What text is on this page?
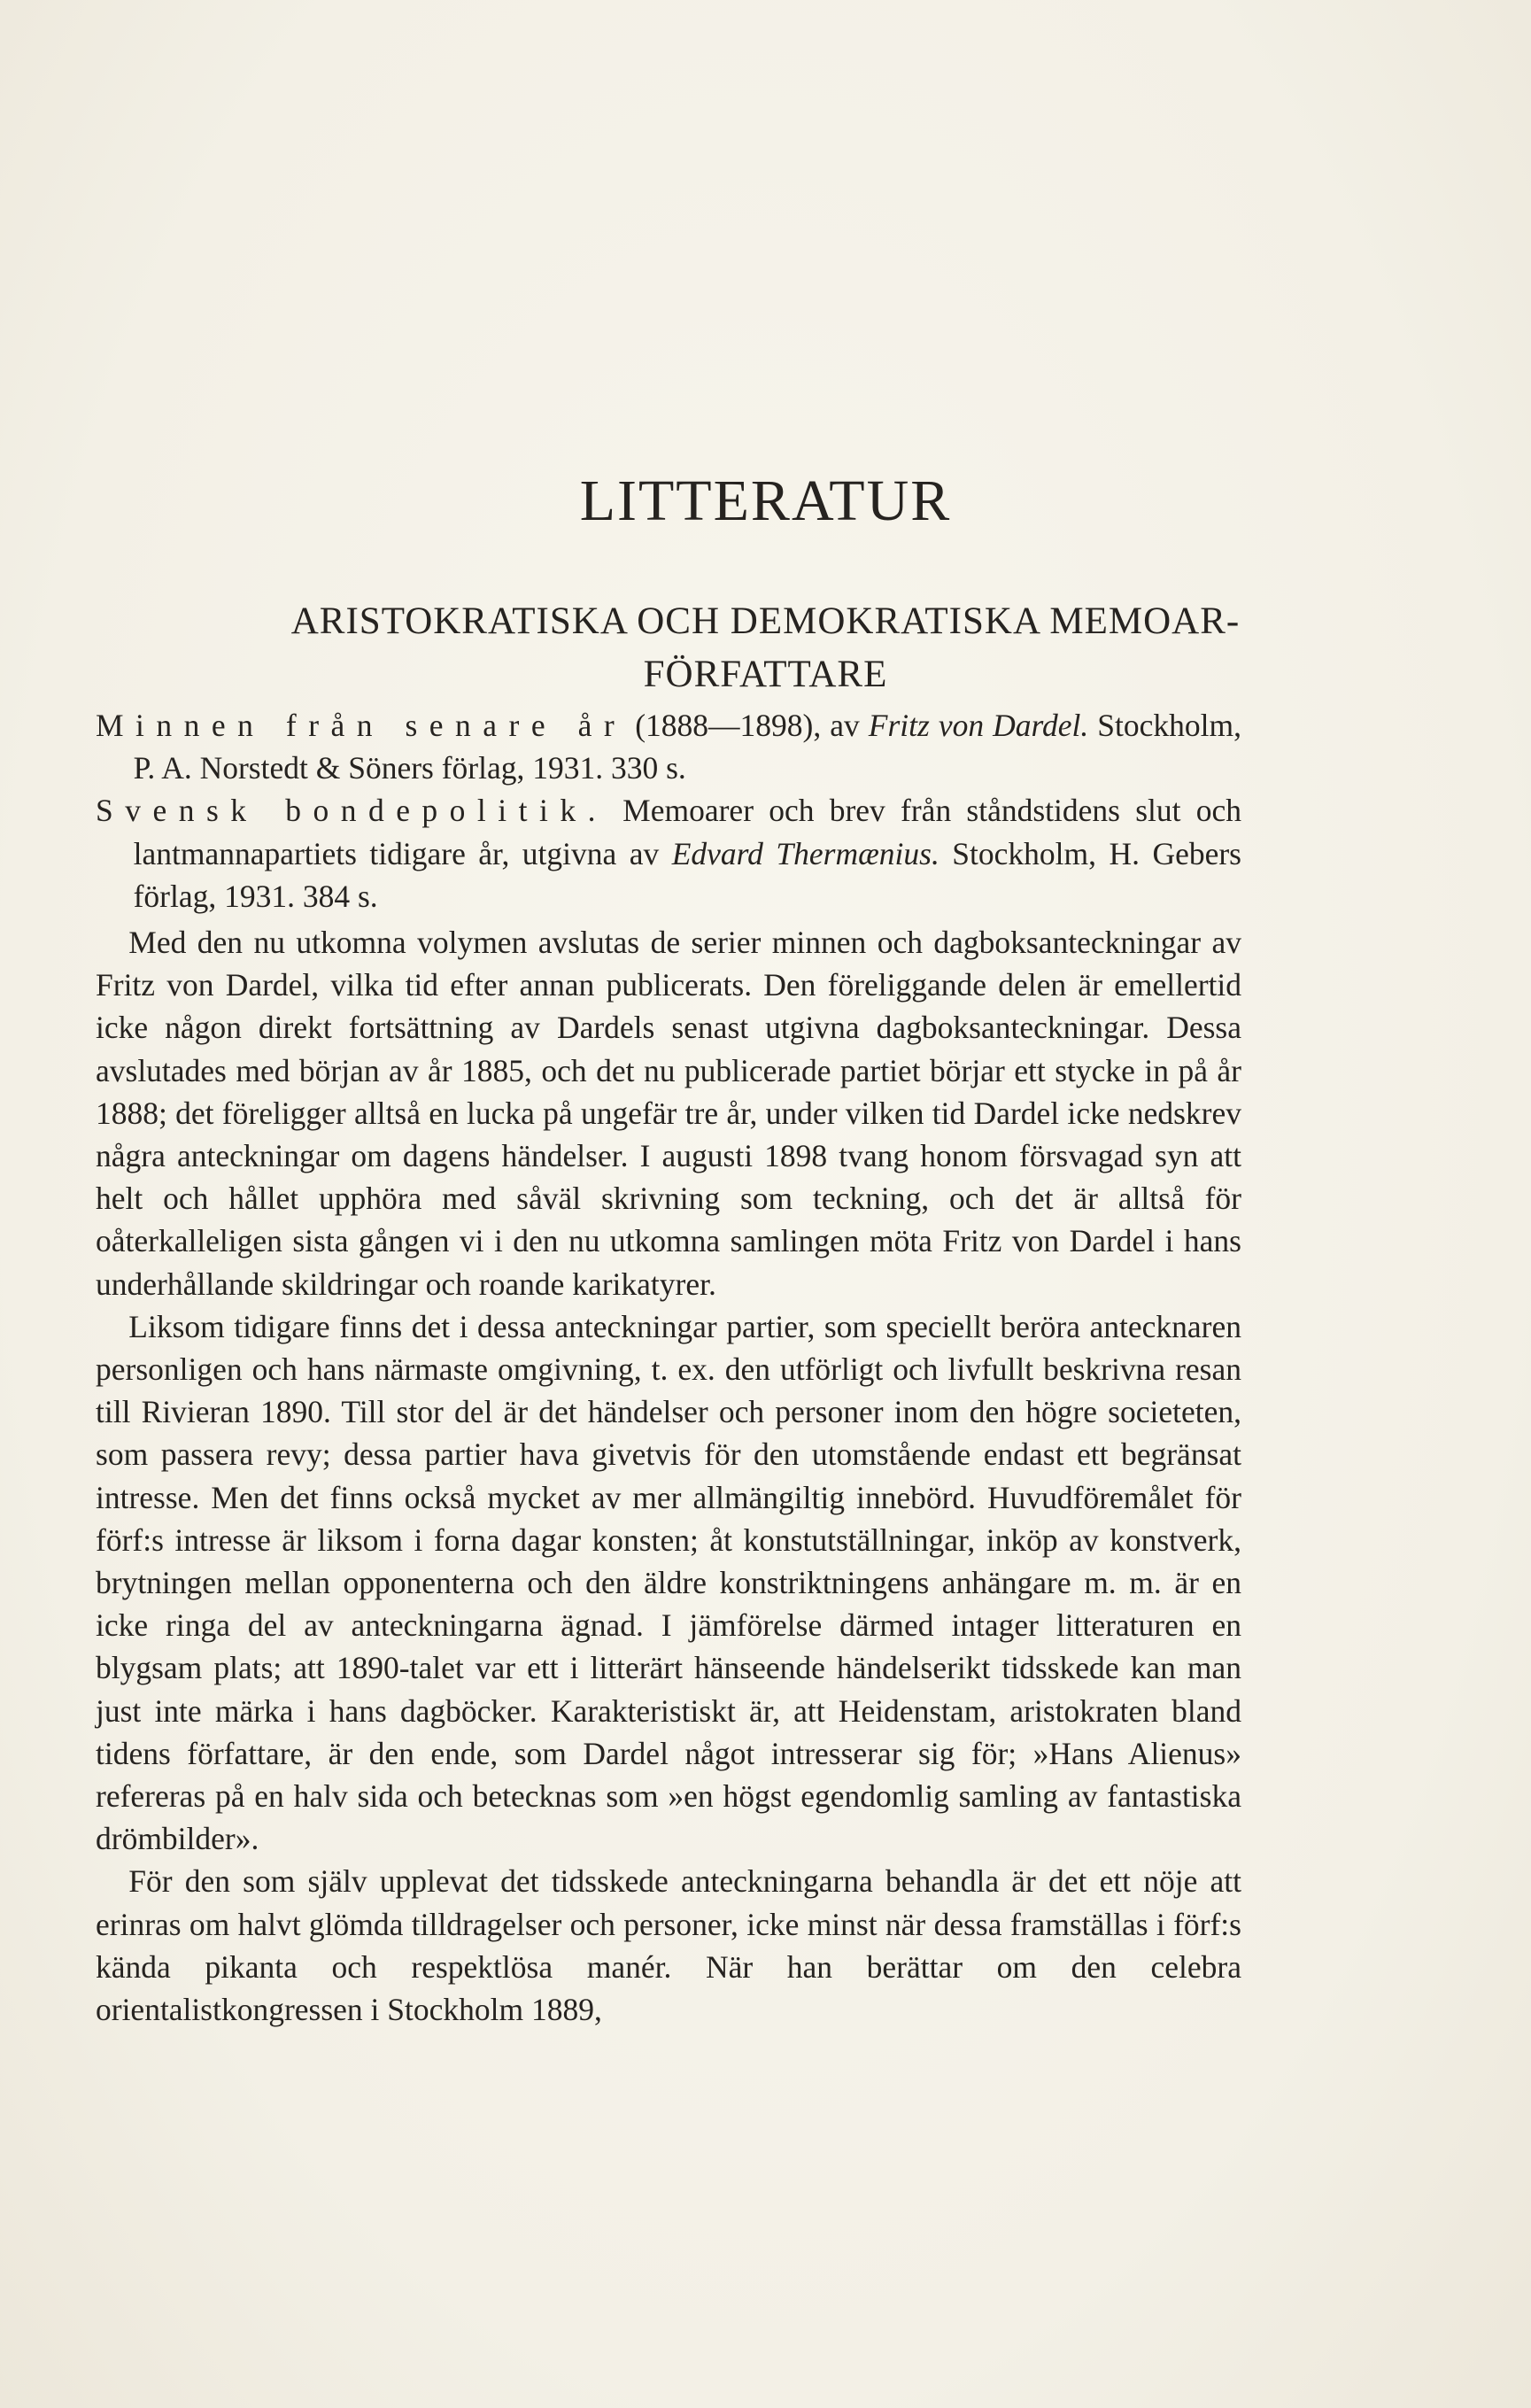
LITTERATUR
ARISTOKRATISKA OCH DEMOKRATISKA MEMOAR-FÖRFATTARE

Minnen från senare år (1888—1898), av Fritz von Dardel. Stockholm, P. A. Norstedt & Söners förlag, 1931. 330 s.

Svensk bondepolitik. Memoarer och brev från ståndstidens slut och lantmannapartiets tidigare år, utgivna av Edvard Thermænius. Stockholm, H. Gebers förlag, 1931. 384 s.

Med den nu utkomna volymen avslutas de serier minnen och dagboksanteckningar av Fritz von Dardel, vilka tid efter annan publicerats. Den föreliggande delen är emellertid icke någon direkt fortsättning av Dardels senast utgivna dagboksanteckningar. Dessa avslutades med början av år 1885, och det nu publicerade partiet börjar ett stycke in på år 1888; det föreligger alltså en lucka på ungefär tre år, under vilken tid Dardel icke nedskrev några anteckningar om dagens händelser. I augusti 1898 tvang honom försvagad syn att helt och hållet upphöra med såväl skrivning som teckning, och det är alltså för oåterkalleligen sista gången vi i den nu utkomna samlingen möta Fritz von Dardel i hans underhållande skildringar och roande karikatyrer.

Liksom tidigare finns det i dessa anteckningar partier, som speciellt beröra antecknaren personligen och hans närmaste omgivning, t. ex. den utförligt och livfullt beskrivna resan till Rivieran 1890. Till stor del är det händelser och personer inom den högre societeten, som passera revy; dessa partier hava givetvis för den utomstående endast ett begränsat intresse. Men det finns också mycket av mer allmängiltig innebörd. Huvudföremålet för förf:s intresse är liksom i forna dagar konsten; åt konstutställningar, inköp av konstverk, brytningen mellan opponenterna och den äldre konstriktningens anhängare m. m. är en icke ringa del av anteckningarna ägnad. I jämförelse därmed intager litteraturen en blygsam plats; att 1890-talet var ett i litterärt hänseende händelserikt tidsskede kan man just inte märka i hans dagböcker. Karakteristiskt är, att Heidenstam, aristokraten bland tidens författare, är den ende, som Dardel något intresserar sig för; »Hans Alienus» refereras på en halv sida och betecknas som »en högst egendomlig samling av fantastiska drömbilder».

För den som själv upplevat det tidsskede anteckningarna behandla är det ett nöje att erinras om halvt glömda tilldragelser och personer, icke minst när dessa framställas i förf:s kända pikanta och respektlösa manér. När han berättar om den celebra orientalistkongressen i Stockholm 1889,
